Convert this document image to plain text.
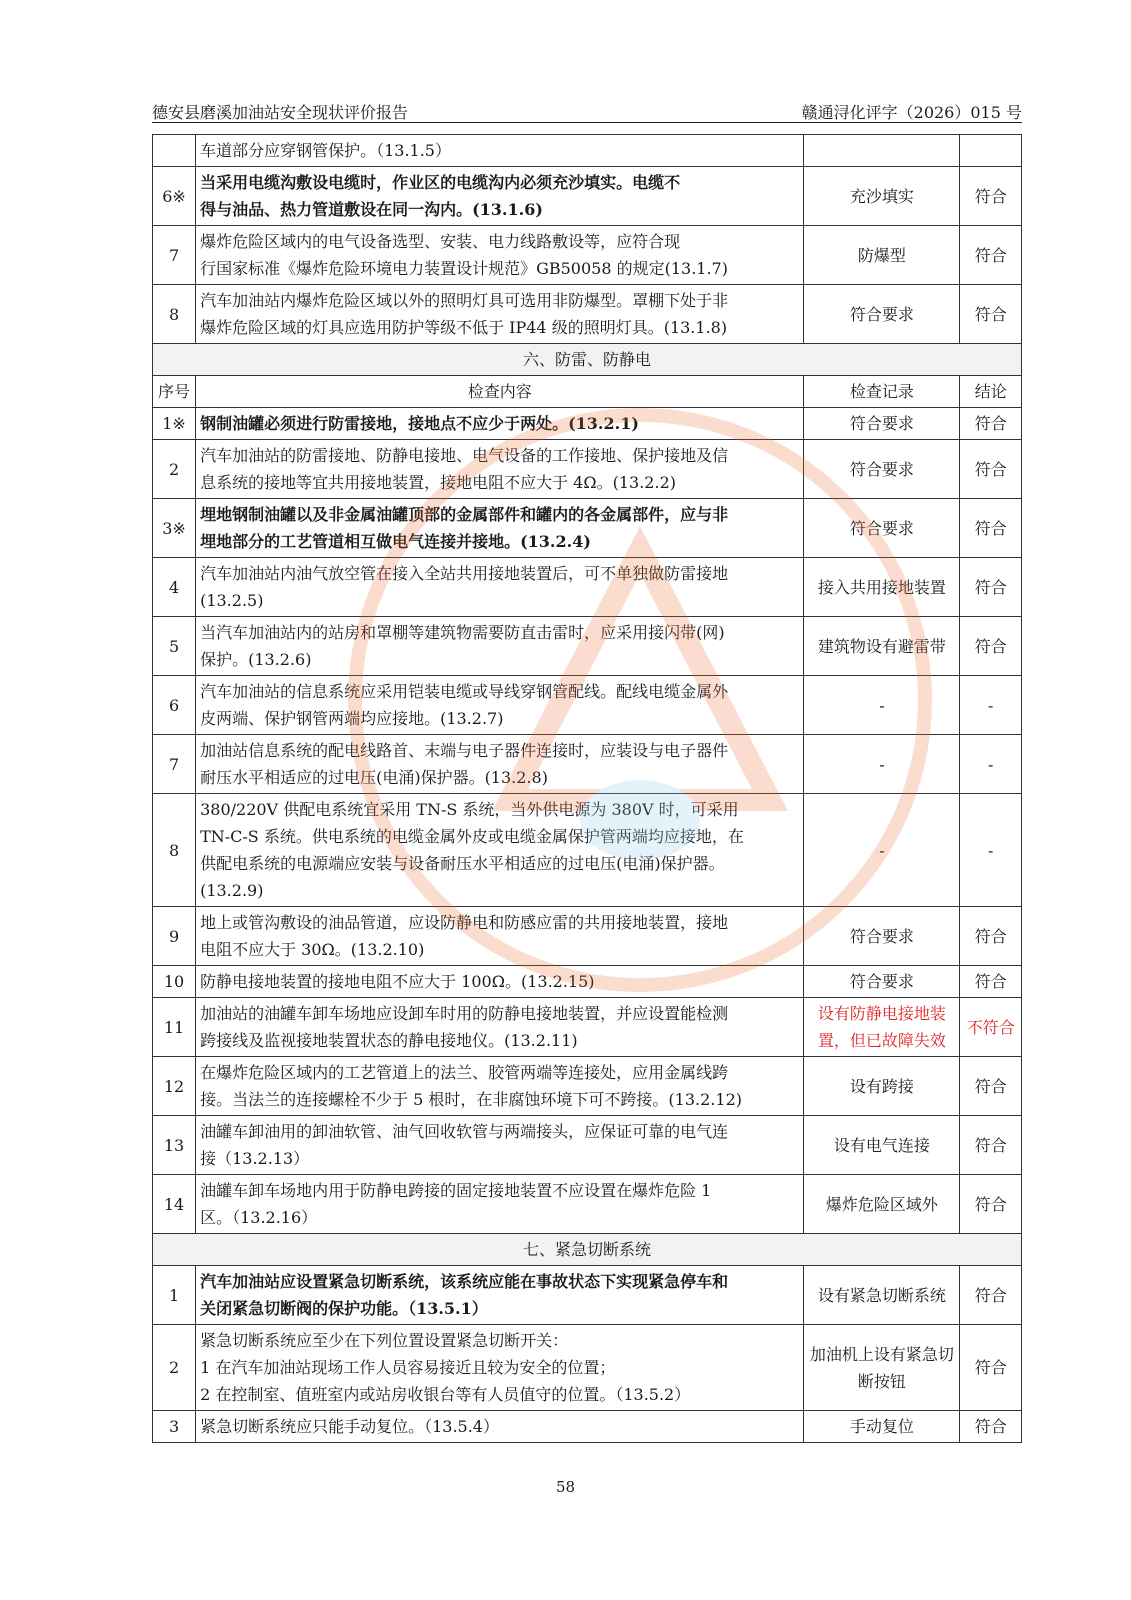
德安县磨溪加油站安全现状评价报告	赣通浔化评字（2026）015 号

	车道部分应穿钢管保护。（13.1.5）		

6※	当采用电缆沟敷设电缆时，作业区的电缆沟内必须充沙填实。电缆不
得与油品、热力管道敷设在同一沟内。(13.1.6)	充沙填实	符合
7	爆炸危险区域内的电气设备选型、安装、电力线路敷设等，应符合现
行国家标准《爆炸危险环境电力装置设计规范》GB50058 的规定(13.1.7)	防爆型	符合
8	汽车加油站内爆炸危险区域以外的照明灯具可选用非防爆型。罩棚下处于非
爆炸危险区域的灯具应选用防护等级不低于 IP44 级的照明灯具。(13.1.8)	符合要求	符合
六、防雷、防静电			
序号	检查内容	检查记录	结论
1※	钢制油罐必须进行防雷接地，接地点不应少于两处。(13.2.1)	符合要求	符合
2	汽车加油站的防雷接地、防静电接地、电气设备的工作接地、保护接地及信
息系统的接地等宜共用接地装置，接地电阻不应大于 4Ω。(13.2.2)	符合要求	符合
3※	埋地钢制油罐以及非金属油罐顶部的金属部件和罐内的各金属部件，应与非
埋地部分的工艺管道相互做电气连接并接地。(13.2.4)	符合要求	符合
4	汽车加油站内油气放空管在接入全站共用接地装置后，可不单独做防雷接地
(13.2.5)	接入共用接地装置	符合
5	当汽车加油站内的站房和罩棚等建筑物需要防直击雷时，应采用接闪带(网)
保护。(13.2.6)	建筑物设有避雷带	符合
6	汽车加油站的信息系统应采用铠装电缆或导线穿钢管配线。配线电缆金属外
皮两端、保护钢管两端均应接地。(13.2.7)	-	-
7	加油站信息系统的配电线路首、末端与电子器件连接时，应装设与电子器件
耐压水平相适应的过电压(电涌)保护器。(13.2.8)	-	-
8	380/220V 供配电系统宜采用 TN-S 系统，当外供电源为 380V 时，可采用
TN-C-S 系统。供电系统的电缆金属外皮或电缆金属保护管两端均应接地，在
供配电系统的电源端应安装与设备耐压水平相适应的过电压(电涌)保护器。
(13.2.9)	-	-
9	地上或管沟敷设的油品管道，应设防静电和防感应雷的共用接地装置，接地
电阻不应大于 30Ω。(13.2.10)	符合要求	符合
10	防静电接地装置的接地电阻不应大于 100Ω。(13.2.15)	符合要求	符合
11	加油站的油罐车卸车场地应设卸车时用的防静电接地装置，并应设置能检测
跨接线及监视接地装置状态的静电接地仪。(13.2.11)	设有防静电接地装置，但已故障失效	不符合
12	在爆炸危险区域内的工艺管道上的法兰、胶管两端等连接处，应用金属线跨
接。当法兰的连接螺栓不少于 5 根时，在非腐蚀环境下可不跨接。(13.2.12)	设有跨接	符合
13	油罐车卸油用的卸油软管、油气回收软管与两端接头，应保证可靠的电气连
接（13.2.13）	设有电气连接	符合
14	油罐车卸车场地内用于防静电跨接的固定接地装置不应设置在爆炸危险 1
区。（13.2.16）	爆炸危险区域外	符合
七、紧急切断系统			
1	汽车加油站应设置紧急切断系统，该系统应能在事故状态下实现紧急停车和
关闭紧急切断阀的保护功能。（13.5.1）	设有紧急切断系统	符合
2	紧急切断系统应至少在下列位置设置紧急切断开关：
1 在汽车加油站现场工作人员容易接近且较为安全的位置；
2 在控制室、值班室内或站房收银台等有人员值守的位置。（13.5.2）	加油机上设有紧急切断按钮	符合
3	紧急切断系统应只能手动复位。（13.5.4）	手动复位	符合
58
